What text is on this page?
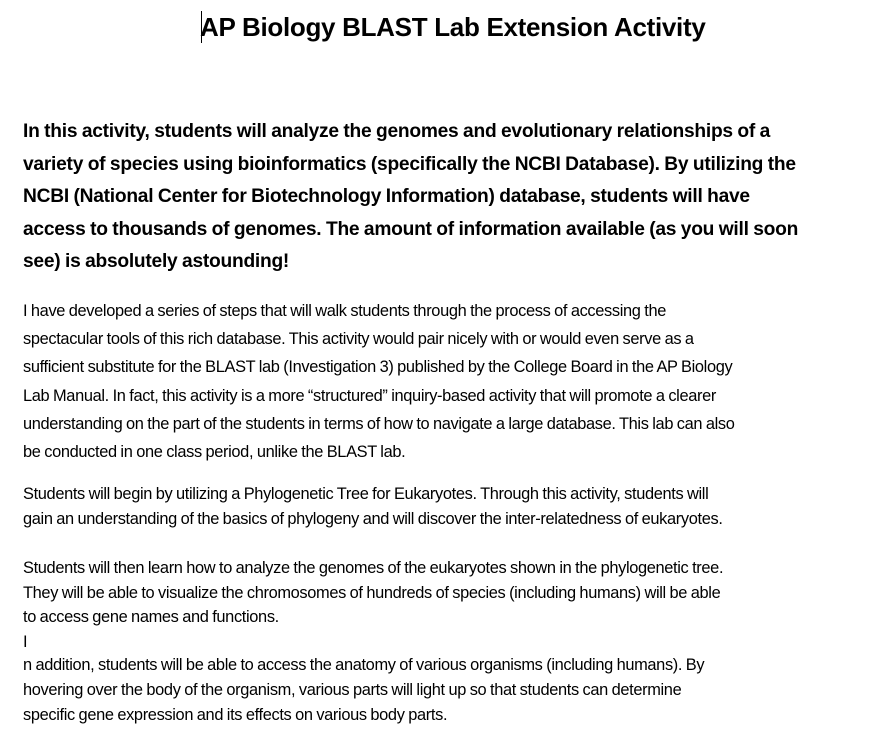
AP Biology BLAST Lab Extension Activity
In this activity, students will analyze the genomes and evolutionary relationships of a
variety of species using bioinformatics (specifically the NCBI Database). By utilizing the
NCBI (National Center for Biotechnology Information) database, students will have
access to thousands of genomes. The amount of information available (as you will soon
see) is absolutely astounding!
I have developed a series of steps that will walk students through the process of accessing the
spectacular tools of this rich database. This activity would pair nicely with or would even serve as a
sufficient substitute for the BLAST lab (Investigation 3) published by the College Board in the AP Biology
Lab Manual. In fact, this activity is a more “structured” inquiry-based activity that will promote a clearer
understanding on the part of the students in terms of how to navigate a large database. This lab can also
be conducted in one class period, unlike the BLAST lab.
Students will begin by utilizing a Phylogenetic Tree for Eukaryotes. Through this activity, students will
gain an understanding of the basics of phylogeny and will discover the inter-relatedness of eukaryotes.
Students will then learn how to analyze the genomes of the eukaryotes shown in the phylogenetic tree.
They will be able to visualize the chromosomes of hundreds of species (including humans) will be able
to access gene names and functions.
I
n addition, students will be able to access the anatomy of various organisms (including humans). By
hovering over the body of the organism, various parts will light up so that students can determine
specific gene expression and its effects on various body parts.
